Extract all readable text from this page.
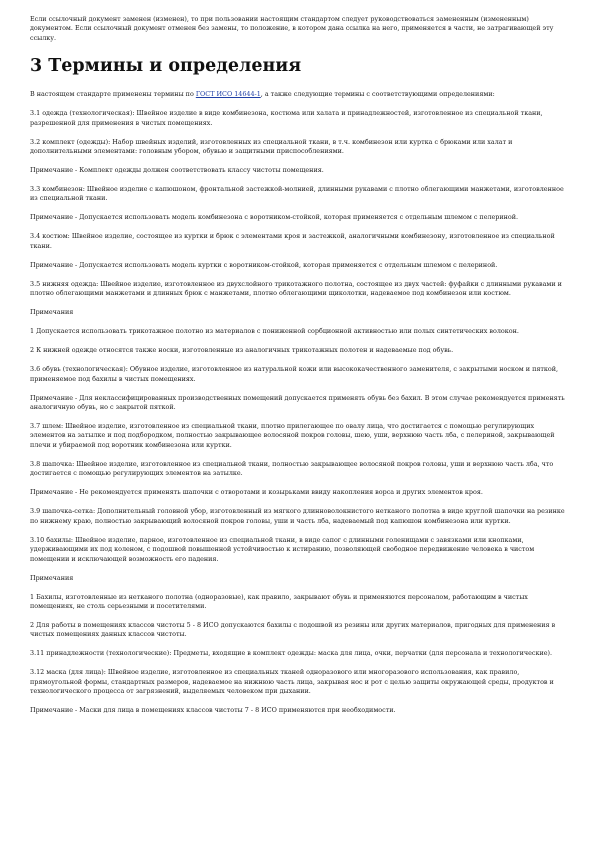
Если ссылочный документ заменен (изменен), то при пользовании настоящим стандартом следует руководствоваться замененным (измененным) документом. Если ссылочный документ отменен без замены, то положение, в котором дана ссылка на него, применяется в части, не затрагивающей эту ссылку.

3 Термины и определения

В настоящем стандарте применены термины по ГОСТ ИСО 14644-1, а также следующие термины с соответствующими определениями:

3.1 одежда (технологическая): Швейное изделие в виде комбинезона, костюма или халата и принадлежностей, изготовленное из специальной ткани, разрешенной для применения в чистых помещениях.

3.2 комплект (одежды): Набор швейных изделий, изготовленных из специальной ткани, в т.ч. комбинезон или куртка с брюками или халат и дополнительными элементами: головным убором, обувью и защитными приспособлениями.

Примечание - Комплект одежды должен соответствовать классу чистоты помещения.

3.3 комбинезон: Швейное изделие с капюшоном, фронтальной застежкой-молнией, длинными рукавами с плотно облегающими манжетами, изготовленное из специальной ткани.

Примечание - Допускается использовать модель комбинезона с воротником-стойкой, которая применяется с отдельным шлемом с пелериной.

3.4 костюм: Швейное изделие, состоящее из куртки и брюк с элементами кроя и застежкой, аналогичными комбинезону, изготовленное из специальной ткани.

Примечание - Допускается использовать модель куртки с воротником-стойкой, которая применяется с отдельным шлемом с пелериной.

3.5 нижняя одежда: Швейное изделие, изготовленное из двухслойного трикотажного полотна, состоящее из двух частей: фуфайки с длинными рукавами и плотно облегающими манжетами и длинных брюк с манжетами, плотно облегающими щиколотки, надеваемое под комбинезон или костюм.

Примечания

1 Допускается использовать трикотажное полотно из материалов с пониженной сорбционной активностью или полых синтетических волокон.

2 К нижней одежде относятся также носки, изготовленные из аналогичных трикотажных полотен и надеваемые под обувь.

3.6 обувь (технологическая): Обувное изделие, изготовленное из натуральной кожи или высококачественного заменителя, с закрытыми носком и пяткой, применяемое под бахилы в чистых помещениях.

Примечание - Для неклассифицированных производственных помещений допускается применять обувь без бахил. В этом случае рекомендуется применять аналогичную обувь, но с закрытой пяткой.

3.7 шлем: Швейное изделие, изготовленное из специальной ткани, плотно прилегающее по овалу лица, что достигается с помощью регулирующих элементов на затылке и под подбородком, полностью закрывающее волосяной покров головы, шею, уши, верхнюю часть лба, с пелериной, закрывающей плечи и убираемой под воротник комбинезона или куртки.

3.8 шапочка: Швейное изделие, изготовленное из специальной ткани, полностью закрывающее волосяной покров головы, уши и верхнюю часть лба, что достигается с помощью регулирующих элементов на затылке.

Примечание - Не рекомендуется применять шапочки с отворотами и козырьками ввиду накопления ворса и других элементов кроя.

3.9 шапочка-сетка: Дополнительный головной убор, изготовленный из мягкого длинноволокнистого нетканого полотна в виде круглой шапочки на резинке по нижнему краю, полностью закрывающий волосяной покров головы, уши и часть лба, надеваемый под капюшон комбинезона или куртки.

3.10 бахилы: Швейное изделие, парное, изготовленное из специальной ткани, в виде сапог с длинными голенищами с завязками или кнопками, удерживающими их под коленом, с подошвой повышенной устойчивостью к истиранию, позволяющей свободное передвижение человека в чистом помещении и исключающей возможность его падения.

Примечания

1 Бахилы, изготовленные из нетканого полотна (одноразовые), как правило, закрывают обувь и применяются персоналом, работающим в чистых помещениях, не столь серьезными и посетителями.

2 Для работы в помещениях классов чистоты 5 - 8 ИСО допускаются бахилы с подошвой из резины или других материалов, пригодных для применения в чистых помещениях данных классов чистоты.

3.11 принадлежности (технологические): Предметы, входящие в комплект одежды: маска для лица, очки, перчатки (для персонала и технологические).

3.12 маска (для лица): Швейное изделие, изготовленное из специальных тканей одноразового или многоразового использования, как правило, прямоугольной формы, стандартных размеров, надеваемое на нижнюю часть лица, закрывая нос и рот с целью защиты окружающей среды, продуктов и технологического процесса от загрязнений, выделяемых человеком при дыхании.

Примечание - Маски для лица в помещениях классов чистоты 7 - 8 ИСО применяются при необходимости.
